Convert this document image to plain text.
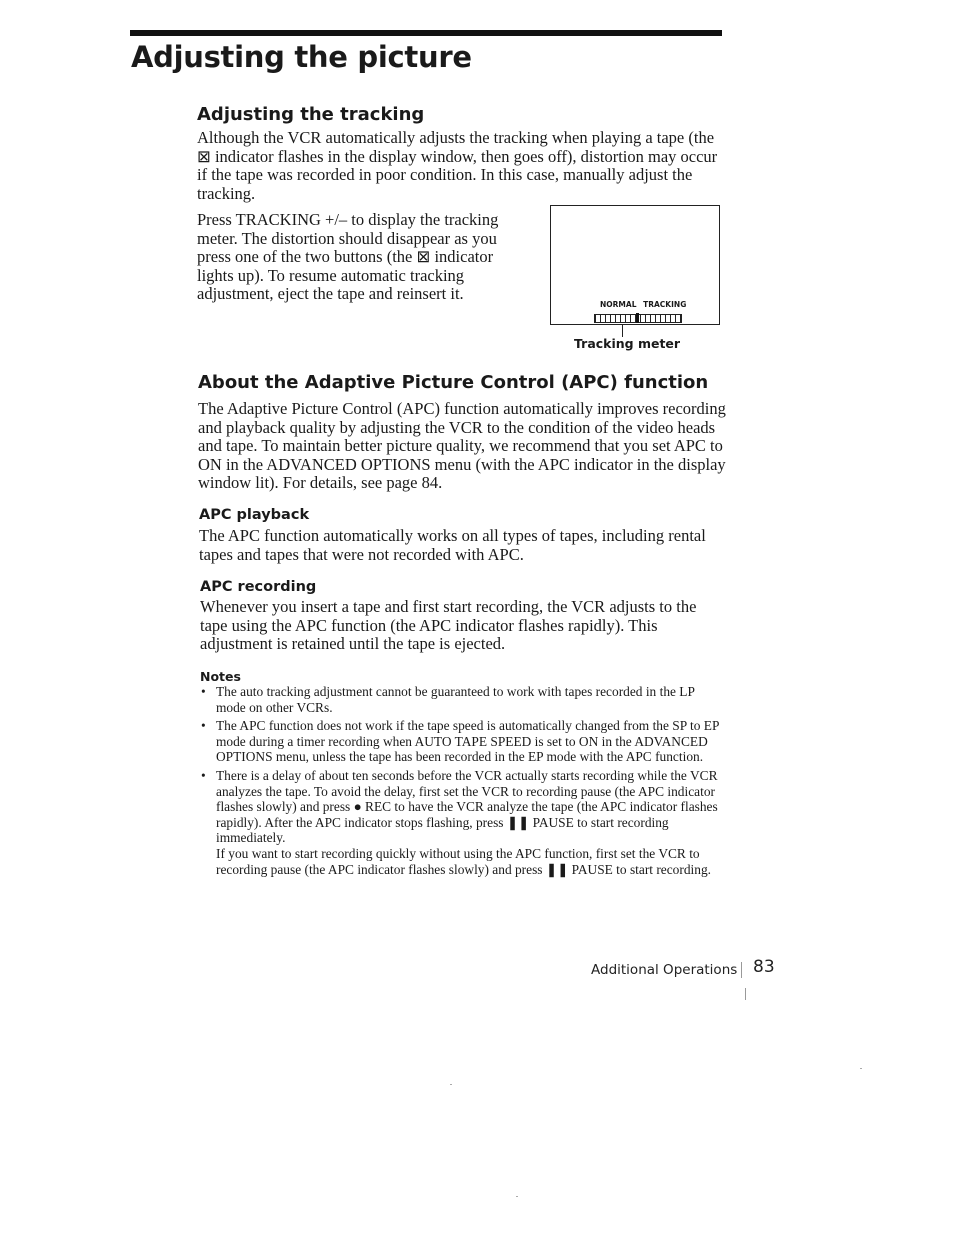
Adjusting the picture
Adjusting the tracking

Although the VCR automatically adjusts the tracking when playing a tape (the ⊠ indicator flashes in the display window, then goes off), distortion may occur if the tape was recorded in poor condition. In this case, manually adjust the tracking.

Press TRACKING +/– to display the tracking meter. The distortion should disappear as you press one of the two buttons (the ⊠ indicator lights up). To resume automatic tracking adjustment, eject the tape and reinsert it.

NORMAL TRACKING
Tracking meter
About the Adaptive Picture Control (APC) function

The Adaptive Picture Control (APC) function automatically improves recording and playback quality by adjusting the VCR to the condition of the video heads and tape. To maintain better picture quality, we recommend that you set APC to ON in the ADVANCED OPTIONS menu (with the APC indicator in the display window lit). For details, see page 84.

APC playback

The APC function automatically works on all types of tapes, including rental tapes and tapes that were not recorded with APC.

APC recording

Whenever you insert a tape and first start recording, the VCR adjusts to the tape using the APC function (the APC indicator flashes rapidly). This adjustment is retained until the tape is ejected.

Notes
• The auto tracking adjustment cannot be guaranteed to work with tapes recorded in the LP mode on other VCRs.
• The APC function does not work if the tape speed is automatically changed from the SP to EP mode during a timer recording when AUTO TAPE SPEED is set to ON in the ADVANCED OPTIONS menu, unless the tape has been recorded in the EP mode with the APC function.
• There is a delay of about ten seconds before the VCR actually starts recording while the VCR analyzes the tape. To avoid the delay, first set the VCR to recording pause (the APC indicator flashes slowly) and press ● REC to have the VCR analyze the tape (the APC indicator flashes rapidly). After the APC indicator stops flashing, press ❚❚ PAUSE to start recording immediately.
If you want to start recording quickly without using the APC function, first set the VCR to recording pause (the APC indicator flashes slowly) and press ❚❚ PAUSE to start recording.
Additional Operations 83
